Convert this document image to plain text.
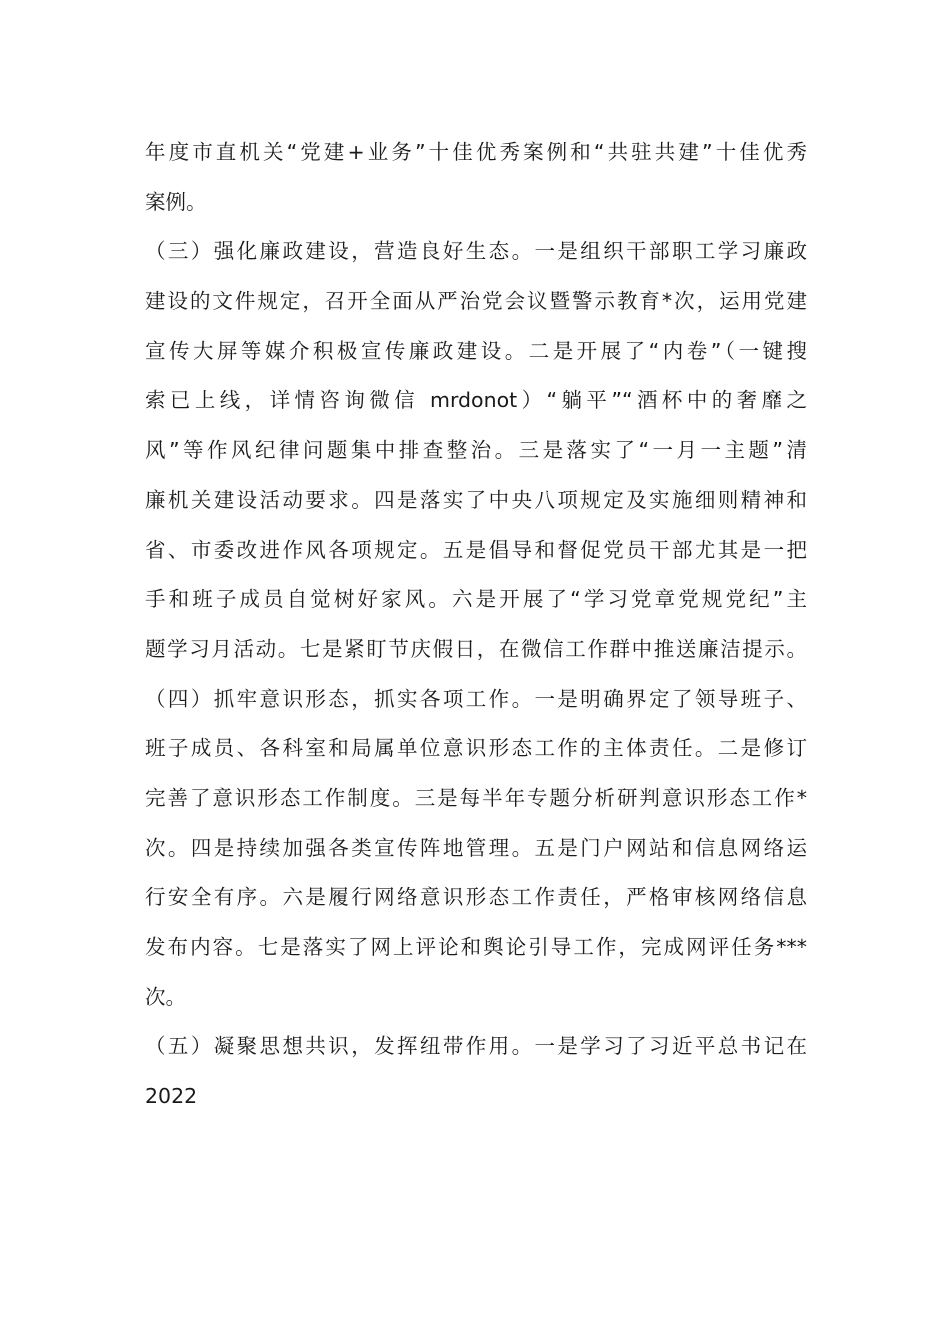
年度市直机关“党建+业务”十佳优秀案例和“共驻共建”十佳优秀
案例。
（三）强化廉政建设，营造良好生态。一是组织干部职工学习廉政
建设的文件规定，召开全面从严治党会议暨警示教育*次，运用党建
宣传大屏等媒介积极宣传廉政建设。二是开展了“内卷”（一键搜
索已上线，详情咨询微信 mrdonot）“躺平”“酒杯中的奢靡之
风”等作风纪律问题集中排查整治。三是落实了“一月一主题”清
廉机关建设活动要求。四是落实了中央八项规定及实施细则精神和
省、市委改进作风各项规定。五是倡导和督促党员干部尤其是一把
手和班子成员自觉树好家风。六是开展了“学习党章党规党纪”主
题学习月活动。七是紧盯节庆假日，在微信工作群中推送廉洁提示。
（四）抓牢意识形态，抓实各项工作。一是明确界定了领导班子、
班子成员、各科室和局属单位意识形态工作的主体责任。二是修订
完善了意识形态工作制度。三是每半年专题分析研判意识形态工作*
次。四是持续加强各类宣传阵地管理。五是门户网站和信息网络运
行安全有序。六是履行网络意识形态工作责任，严格审核网络信息
发布内容。七是落实了网上评论和舆论引导工作，完成网评任务***
次。
（五）凝聚思想共识，发挥纽带作用。一是学习了习近平总书记在
2022
